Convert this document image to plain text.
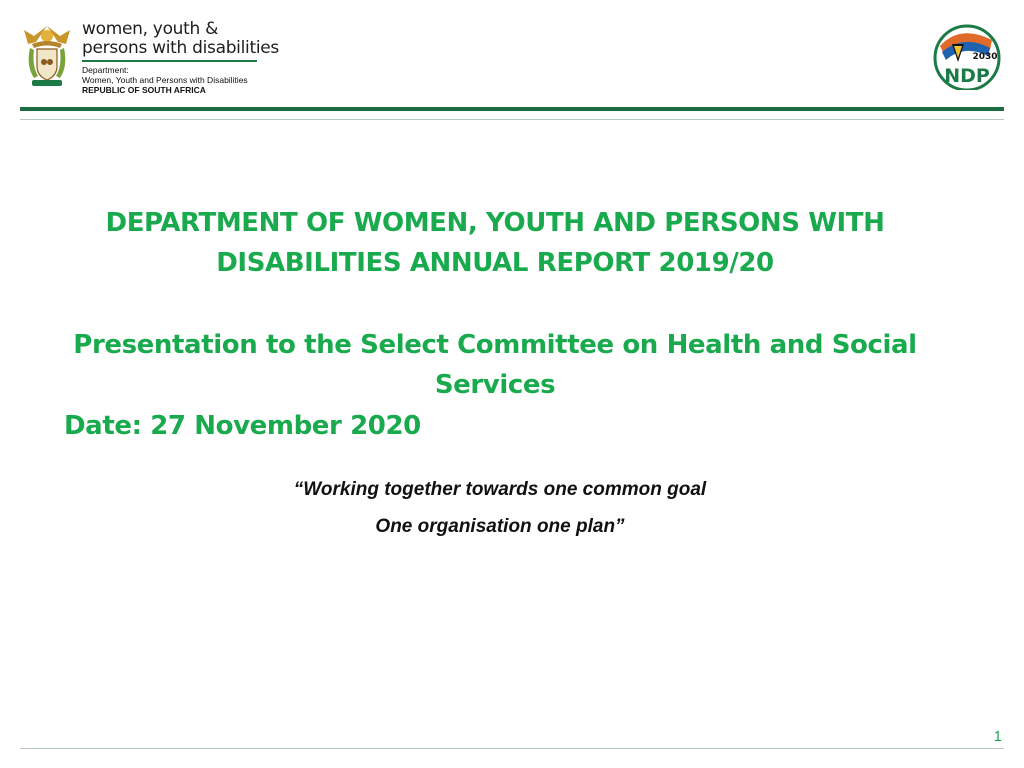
women, youth &
persons with disabilities
Department:
Women, Youth and Persons with Disabilities
REPUBLIC OF SOUTH AFRICA
2030
NDP
DEPARTMENT OF WOMEN, YOUTH AND PERSONS WITH
DISABILITIES ANNUAL REPORT 2019/20
Presentation to the Select Committee on Health and Social
Services
Date: 27 November 2020
“Working together towards one common goal
One organisation one plan”
1
